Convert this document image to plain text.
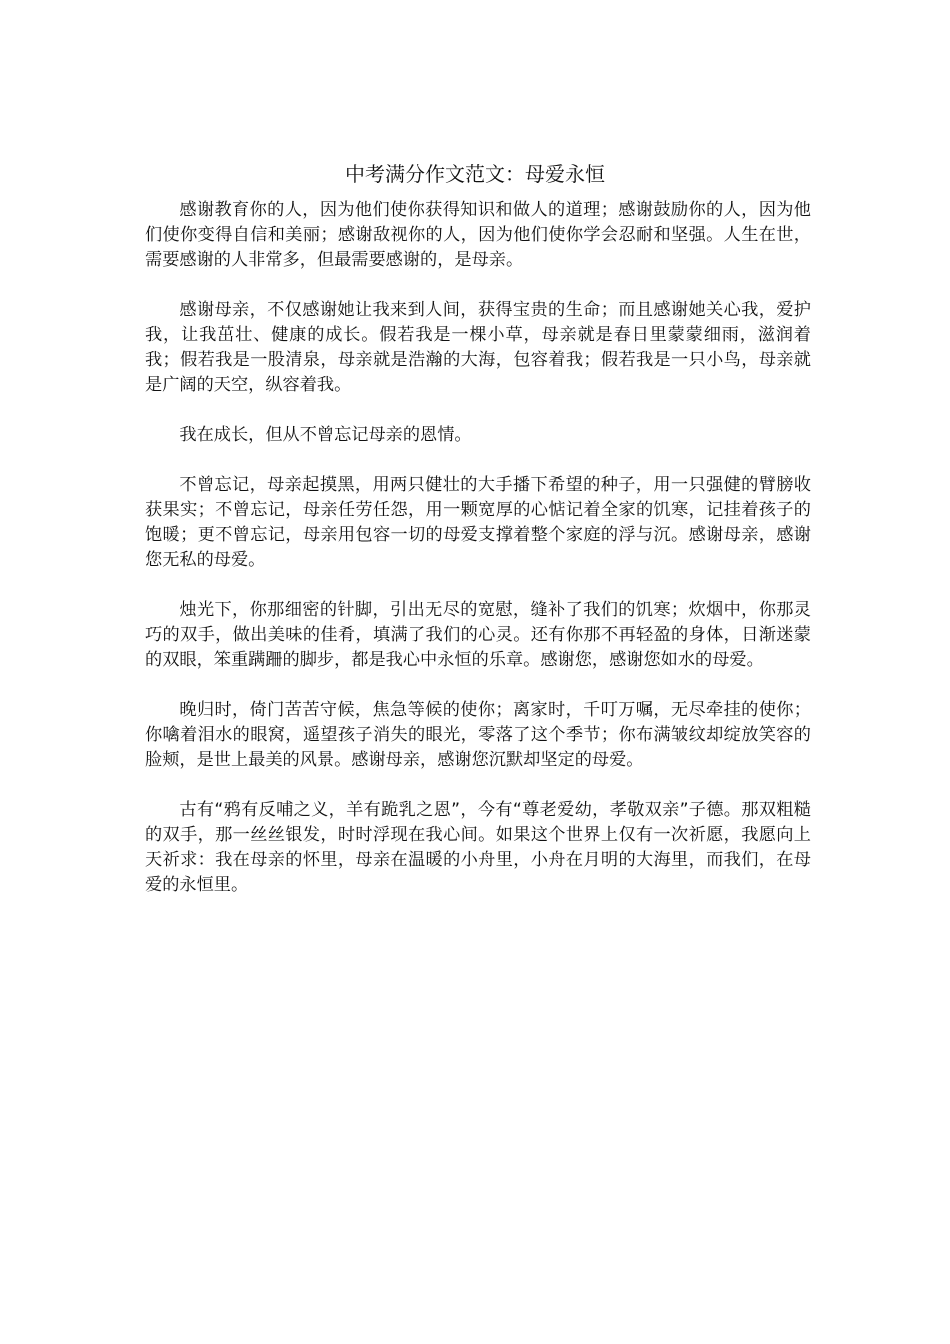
中考满分作文范文：母爱永恒

感谢教育你的人，因为他们使你获得知识和做人的道理；感谢鼓励你的人，因为他们使你变得自信和美丽；感谢敌视你的人，因为他们使你学会忍耐和坚强。人生在世，需要感谢的人非常多，但最需要感谢的，是母亲。

感谢母亲，不仅感谢她让我来到人间，获得宝贵的生命；而且感谢她关心我，爱护我，让我茁壮、健康的成长。假若我是一棵小草，母亲就是春日里蒙蒙细雨，滋润着我；假若我是一股清泉，母亲就是浩瀚的大海，包容着我；假若我是一只小鸟，母亲就是广阔的天空，纵容着我。

我在成长，但从不曾忘记母亲的恩情。

不曾忘记，母亲起摸黑，用两只健壮的大手播下希望的种子，用一只强健的臂膀收获果实；不曾忘记，母亲任劳任怨，用一颗宽厚的心惦记着全家的饥寒，记挂着孩子的饱暖；更不曾忘记，母亲用包容一切的母爱支撑着整个家庭的浮与沉。感谢母亲，感谢您无私的母爱。

烛光下，你那细密的针脚，引出无尽的宽慰，缝补了我们的饥寒；炊烟中，你那灵巧的双手，做出美味的佳肴，填满了我们的心灵。还有你那不再轻盈的身体，日渐迷蒙的双眼，笨重蹒跚的脚步，都是我心中永恒的乐章。感谢您，感谢您如水的母爱。

晚归时，倚门苦苦守候，焦急等候的使你；离家时，千叮万嘱，无尽牵挂的使你；你噙着泪水的眼窝，遥望孩子消失的眼光，零落了这个季节；你布满皱纹却绽放笑容的脸颊，是世上最美的风景。感谢母亲，感谢您沉默却坚定的母爱。

古有“鸦有反哺之义，羊有跪乳之恩”，今有“尊老爱幼，孝敬双亲”子德。那双粗糙的双手，那一丝丝银发，时时浮现在我心间。如果这个世界上仅有一次祈愿，我愿向上天祈求：我在母亲的怀里，母亲在温暖的小舟里，小舟在月明的大海里，而我们，在母爱的永恒里。
